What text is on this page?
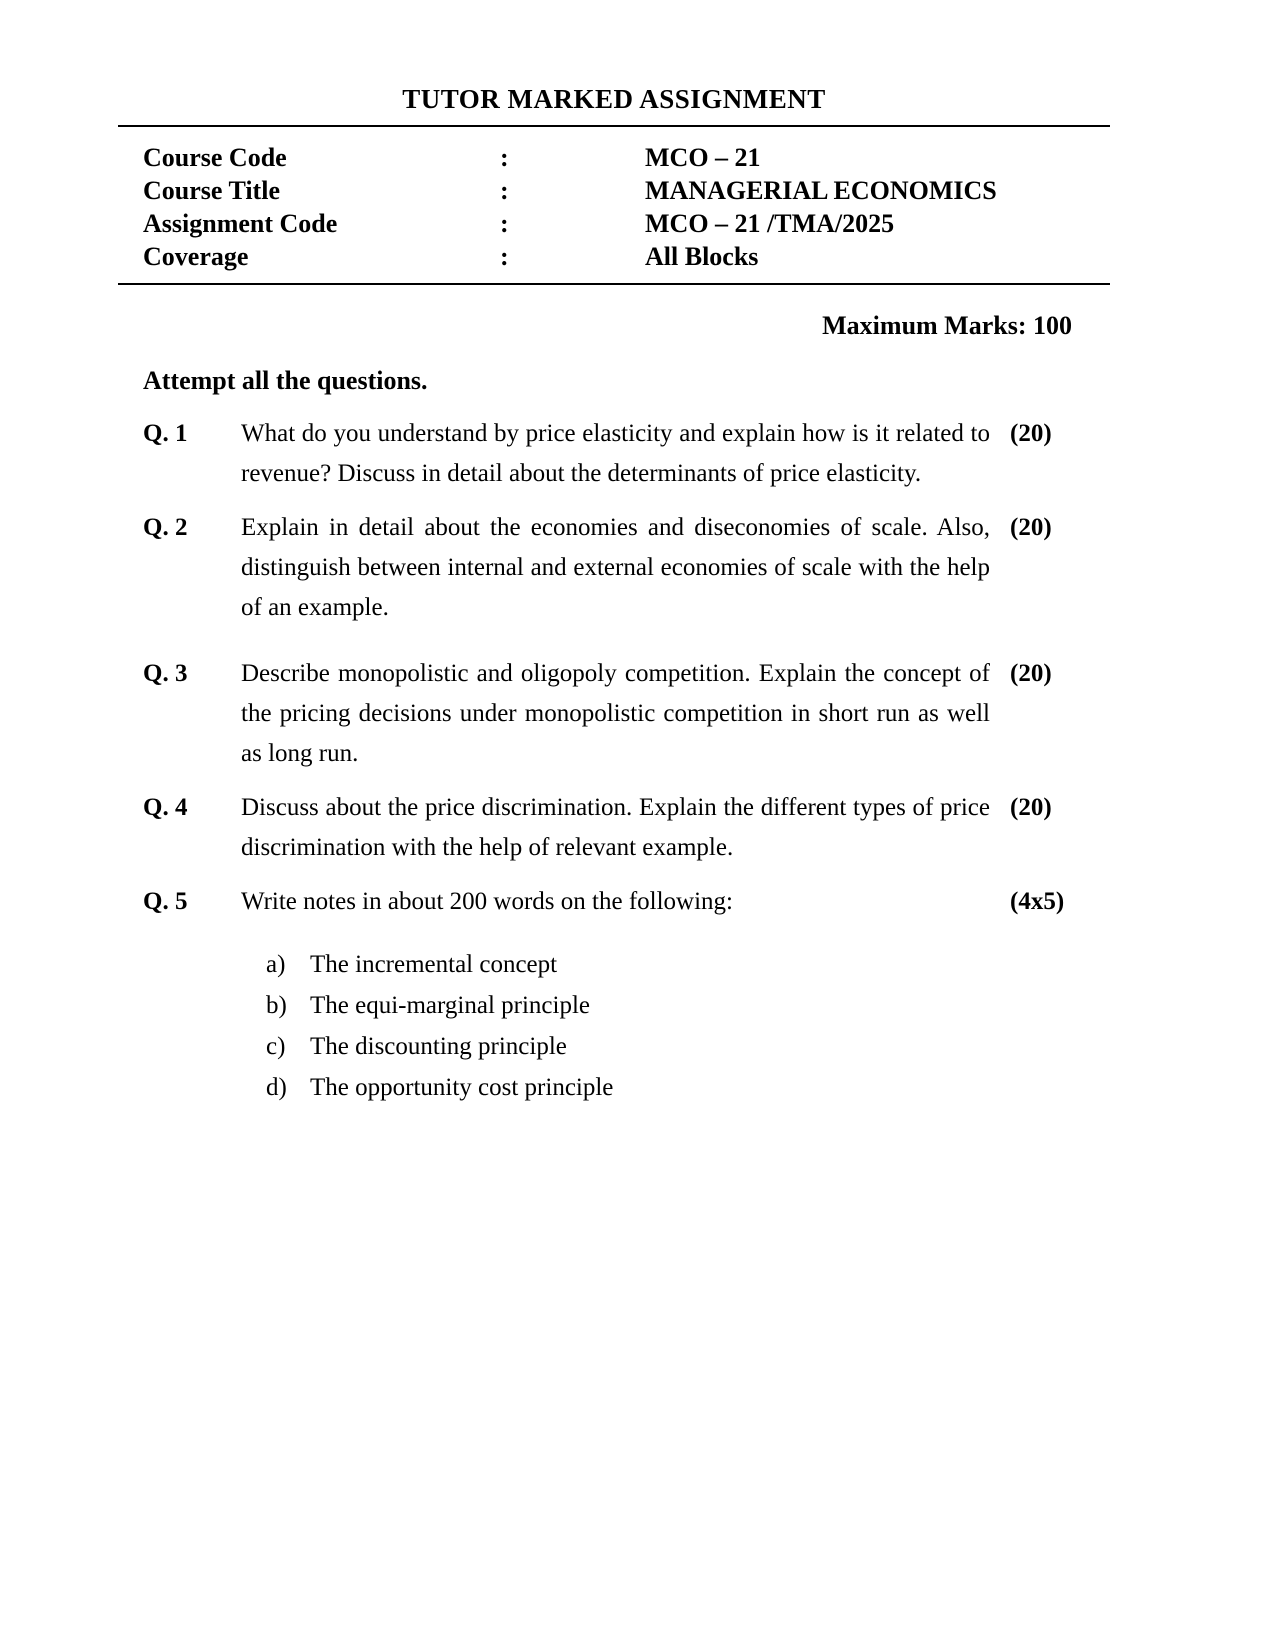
TUTOR MARKED ASSIGNMENT
Course Code	:	MCO – 21
Course Title	:	MANAGERIAL ECONOMICS
Assignment Code	:	MCO – 21 /TMA/2025
Coverage	:	All Blocks
Maximum Marks: 100
Attempt all the questions.
Q. 1	What do you understand by price elasticity and explain how is it related to revenue? Discuss in detail about the determinants of price elasticity.
(20)
Q. 2	Explain in detail about the economies and diseconomies of scale. Also, distinguish between internal and external economies of scale with the help of an example.
(20)
Q. 3	Describe monopolistic and oligopoly competition. Explain the concept of the pricing decisions under monopolistic competition in short run as well as long run.
(20)
Q. 4	Discuss about the price discrimination. Explain the different types of price discrimination with the help of relevant example.
(20)
Q. 5	Write notes in about 200 words on the following:	(4x5)
a) The incremental concept
b) The equi-marginal principle
c) The discounting principle
d) The opportunity cost principle
